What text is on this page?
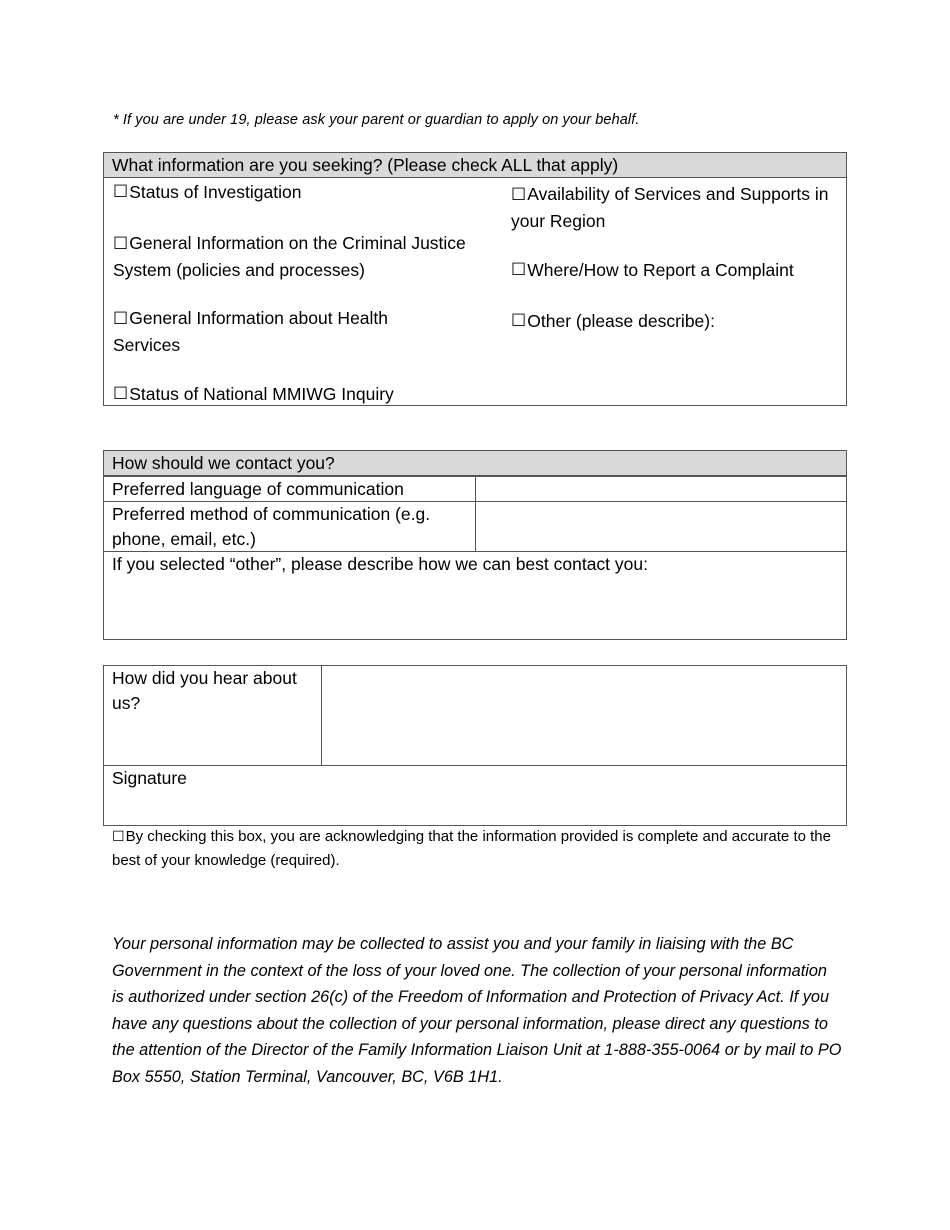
* If you are under 19, please ask your parent or guardian to apply on your behalf.
What information are you seeking? (Please check ALL that apply)
☐ Status of Investigation
☐General Information on the Criminal Justice System (policies and processes)
☐General Information about Health Services
☐ Status of National MMIWG Inquiry
☐Availability of Services and Supports in your Region
☐ Where/How to Report a Complaint
☐ Other (please describe):
How should we contact you?
Preferred language of communication
Preferred method of communication (e.g. phone, email, etc.)
If you selected “other”, please describe how we can best contact you:
How did you hear about us?
Signature
☐By checking this box, you are acknowledging that the information provided is complete and accurate to the best of your knowledge (required).
Your personal information may be collected to assist you and your family in liaising with the BC Government in the context of the loss of your loved one. The collection of your personal information is authorized under section 26(c) of the Freedom of Information and Protection of Privacy Act. If you have any questions about the collection of your personal information, please direct any questions to the attention of the Director of the Family Information Liaison Unit at 1-888-355-0064 or by mail to PO Box 5550, Station Terminal, Vancouver, BC, V6B 1H1.
